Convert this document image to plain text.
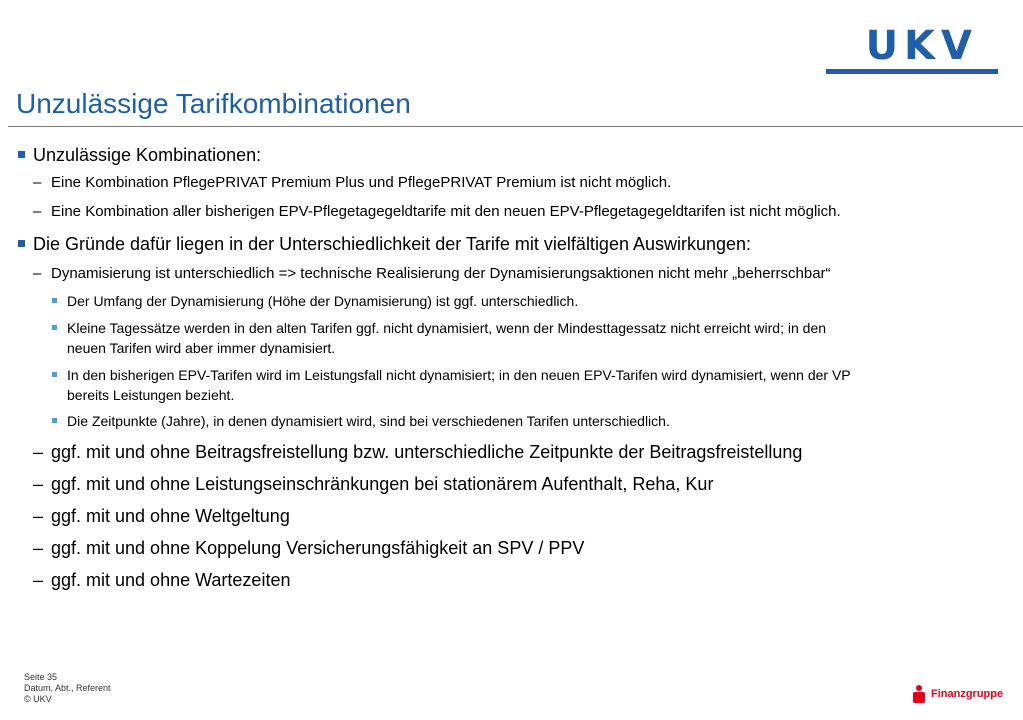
UKV
Unzulässige Tarifkombinationen
Unzulässige Kombinationen:
– Eine Kombination PflegePRIVAT Premium Plus und PflegePRIVAT Premium ist nicht möglich.
– Eine Kombination aller bisherigen EPV-Pflegetagegeldtarife mit den neuen EPV-Pflegetagegeldtarifen ist nicht möglich.
Die Gründe dafür liegen in der Unterschiedlichkeit der Tarife mit vielfältigen Auswirkungen:
– Dynamisierung ist unterschiedlich => technische Realisierung der Dynamisierungsaktionen nicht mehr „beherrschbar“
Der Umfang der Dynamisierung (Höhe der Dynamisierung) ist ggf. unterschiedlich.
Kleine Tagessätze werden in den alten Tarifen ggf. nicht dynamisiert, wenn der Mindesttagessatz nicht erreicht wird; in den
neuen Tarifen wird aber immer dynamisiert.
In den bisherigen EPV-Tarifen wird im Leistungsfall nicht dynamisiert; in den neuen EPV-Tarifen wird dynamisiert, wenn der VP
bereits Leistungen bezieht.
Die Zeitpunkte (Jahre), in denen dynamisiert wird, sind bei verschiedenen Tarifen unterschiedlich.
– ggf. mit und ohne Beitragsfreistellung bzw. unterschiedliche Zeitpunkte der Beitragsfreistellung
– ggf. mit und ohne Leistungseinschränkungen bei stationärem Aufenthalt, Reha, Kur
– ggf. mit und ohne Weltgeltung
– ggf. mit und ohne Koppelung Versicherungsfähigkeit an SPV / PPV
– ggf. mit und ohne Wartezeiten
Seite 35
Datum, Abt., Referent
© UKV	Finanzgruppe
